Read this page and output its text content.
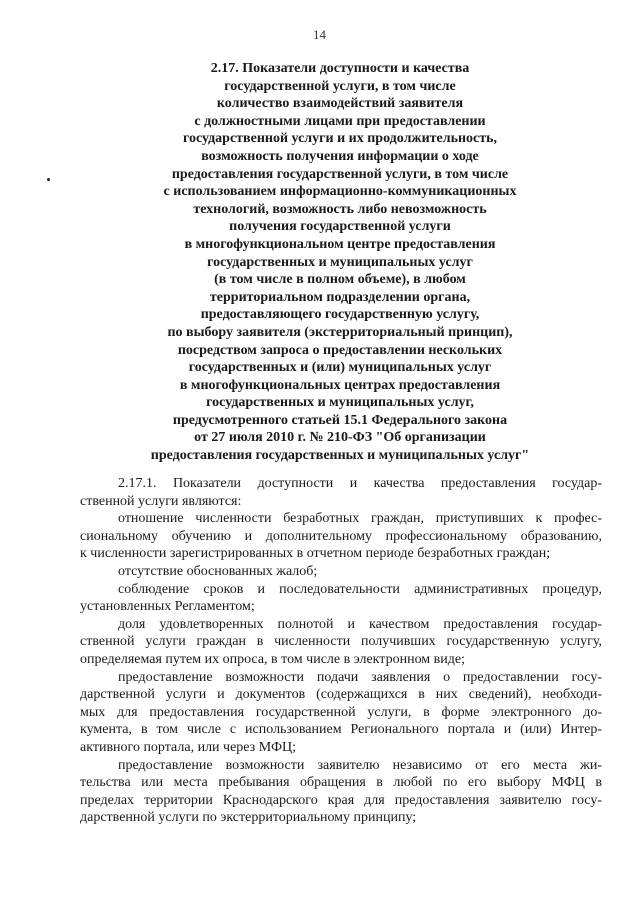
14
2.17. Показатели доступности и качества
государственной услуги, в том числе
количество взаимодействий заявителя
с должностными лицами при предоставлении
государственной услуги и их продолжительность,
возможность получения информации о ходе
предоставления государственной услуги, в том числе
с использованием информационно-коммуникационных
технологий, возможность либо невозможность
получения государственной услуги
в многофункциональном центре предоставления
государственных и муниципальных услуг
(в том числе в полном объеме), в любом
территориальном подразделении органа,
предоставляющего государственную услугу,
по выбору заявителя (экстерриториальный принцип),
посредством запроса о предоставлении нескольких
государственных и (или) муниципальных услуг
в многофункциональных центрах предоставления
государственных и муниципальных услуг,
предусмотренного статьей 15.1 Федерального закона
от 27 июля 2010 г. № 210-ФЗ "Об организации
предоставления государственных и муниципальных услуг"
2.17.1. Показатели доступности и качества предоставления государ-
ственной услуги являются:
отношение численности безработных граждан, приступивших к профес-
сиональному обучению и дополнительному профессиональному образованию,
к численности зарегистрированных в отчетном периоде безработных граждан;
отсутствие обоснованных жалоб;
соблюдение сроков и последовательности административных процедур,
установленных Регламентом;
доля удовлетворенных полнотой и качеством предоставления государ-
ственной услуги граждан в численности получивших государственную услугу,
определяемая путем их опроса, в том числе в электронном виде;
предоставление возможности подачи заявления о предоставлении госу-
дарственной услуги и документов (содержащихся в них сведений), необходи-
мых для предоставления государственной услуги, в форме электронного до-
кумента, в том числе с использованием Регионального портала и (или) Интер-
активного портала, или через МФЦ;
предоставление возможности заявителю независимо от его места жи-
тельства или места пребывания обращения в любой по его выбору МФЦ в
пределах территории Краснодарского края для предоставления заявителю госу-
дарственной услуги по экстерриториальному принципу;
